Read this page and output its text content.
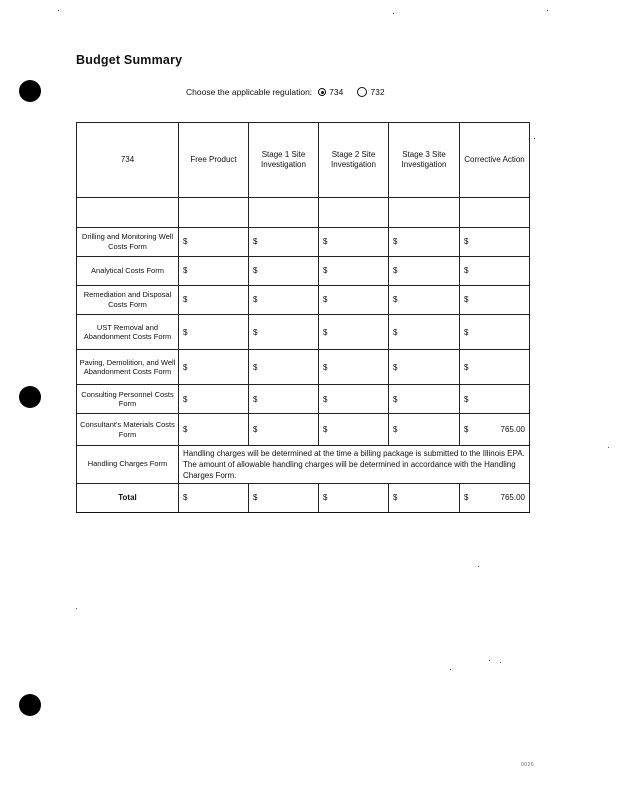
Budget Summary
Choose the applicable regulation: 734	732
734	Free Product	Stage 1 Site Investigation	Stage 2 Site Investigation	Stage 3 Site Investigation	Corrective Action

Drilling and Monitoring Well Costs Form	$	$	$	$	$

Analytical Costs Form	$	$	$	$	$

Remediation and Disposal Costs Form	$	$	$	$	$

UST Removal and Abandonment Costs Form	$	$	$	$	$

Paving, Demolition, and Well Abandonment Costs Form	$	$	$	$	$

Consulting Personnel Costs Form	$	$	$	$	$

Consultant's Materials Costs Form	$	$	$	$	$ 765.00

Handling Charges Form	Handling charges will be determined at the time a billing package is submitted to the Illinois EPA. The amount of allowable handling charges will be determined in accordance with the Handling Charges Form.				
Total	$	$	$	$	$ 765.00
0026
